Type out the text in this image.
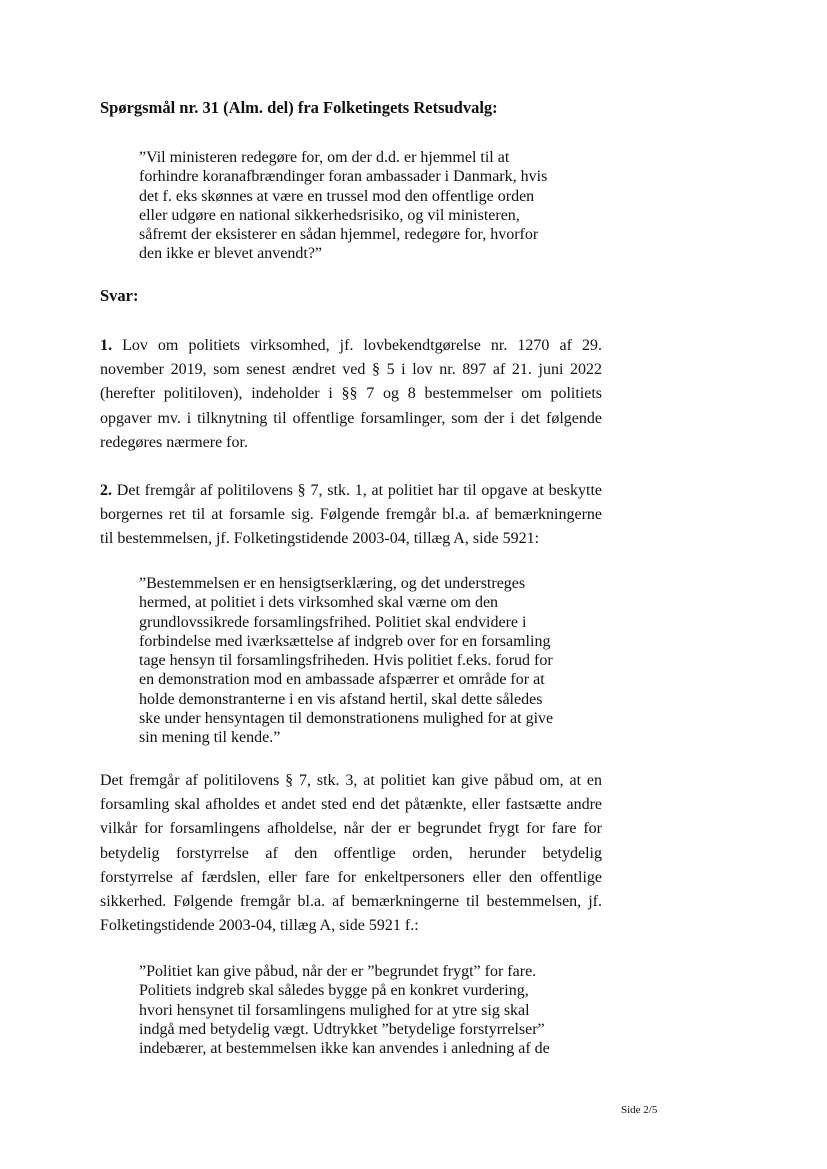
Spørgsmål nr. 31 (Alm. del) fra Folketingets Retsudvalg:

”Vil ministeren redegøre for, om der d.d. er hjemmel til at
forhindre koranafbrændinger foran ambassader i Danmark, hvis
det f. eks skønnes at være en trussel mod den offentlige orden
eller udgøre en national sikkerhedsrisiko, og vil ministeren,
såfremt der eksisterer en sådan hjemmel, redegøre for, hvorfor
den ikke er blevet anvendt?”

Svar:

1. Lov om politiets virksomhed, jf. lovbekendtgørelse nr. 1270 af 29.
november 2019, som senest ændret ved § 5 i lov nr. 897 af 21. juni 2022
(herefter politiloven), indeholder i §§ 7 og 8 bestemmelser om politiets
opgaver mv. i tilknytning til offentlige forsamlinger, som der i det følgende
redegøres nærmere for.

2. Det fremgår af politilovens § 7, stk. 1, at politiet har til opgave at beskytte
borgernes ret til at forsamle sig. Følgende fremgår bl.a. af bemærkningerne
til bestemmelsen, jf. Folketingstidende 2003-04, tillæg A, side 5921:

”Bestemmelsen er en hensigtserklæring, og det understreges
hermed, at politiet i dets virksomhed skal værne om den
grundlovssikrede forsamlingsfrihed. Politiet skal endvidere i
forbindelse med iværksættelse af indgreb over for en forsamling
tage hensyn til forsamlingsfriheden. Hvis politiet f.eks. forud for
en demonstration mod en ambassade afspærrer et område for at
holde demonstranterne i en vis afstand hertil, skal dette således
ske under hensyntagen til demonstrationens mulighed for at give
sin mening til kende.”

Det fremgår af politilovens § 7, stk. 3, at politiet kan give påbud om, at en
forsamling skal afholdes et andet sted end det påtænkte, eller fastsætte andre
vilkår for forsamlingens afholdelse, når der er begrundet frygt for fare for
betydelig forstyrrelse af den offentlige orden, herunder betydelig
forstyrrelse af færdslen, eller fare for enkeltpersoners eller den offentlige
sikkerhed. Følgende fremgår bl.a. af bemærkningerne til bestemmelsen, jf.
Folketingstidende 2003-04, tillæg A, side 5921 f.:

”Politiet kan give påbud, når der er ”begrundet frygt” for fare.
Politiets indgreb skal således bygge på en konkret vurdering,
hvori hensynet til forsamlingens mulighed for at ytre sig skal
indgå med betydelig vægt. Udtrykket ”betydelige forstyrrelser”
indebærer, at bestemmelsen ikke kan anvendes i anledning af de

Side 2/5
